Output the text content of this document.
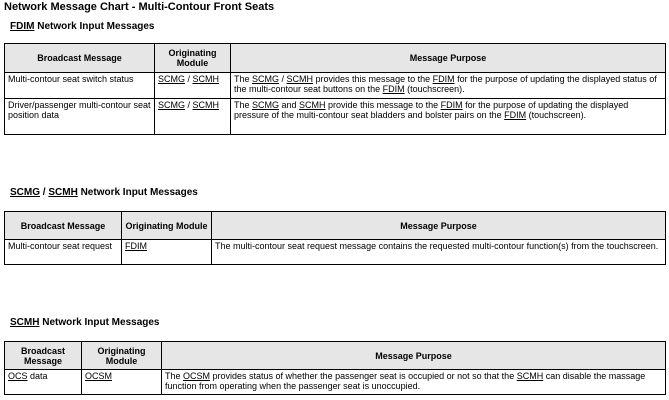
Network Message Chart - Multi-Contour Front Seats
FDIM Network Input Messages
Broadcast Message	Originating Module	Message Purpose
Multi-contour seat switch status	SCMG / SCMH	The SCMG / SCMH provides this message to the FDIM for the purpose of updating the displayed status of the multi-contour seat buttons on the FDIM (touchscreen).
Driver/passenger multi-contour seat position data	SCMG / SCMH	The SCMG and SCMH provide this message to the FDIM for the purpose of updating the displayed pressure of the multi-contour seat bladders and bolster pairs on the FDIM (touchscreen).
SCMG / SCMH Network Input Messages
Broadcast Message	Originating Module	Message Purpose
Multi-contour seat request	FDIM	The multi-contour seat request message contains the requested multi-contour function(s) from the touchscreen.
SCMH Network Input Messages
Broadcast Message	Originating Module	Message Purpose
OCS data	OCSM	The OCSM provides status of whether the passenger seat is occupied or not so that the SCMH can disable the massage function from operating when the passenger seat is unoccupied.
